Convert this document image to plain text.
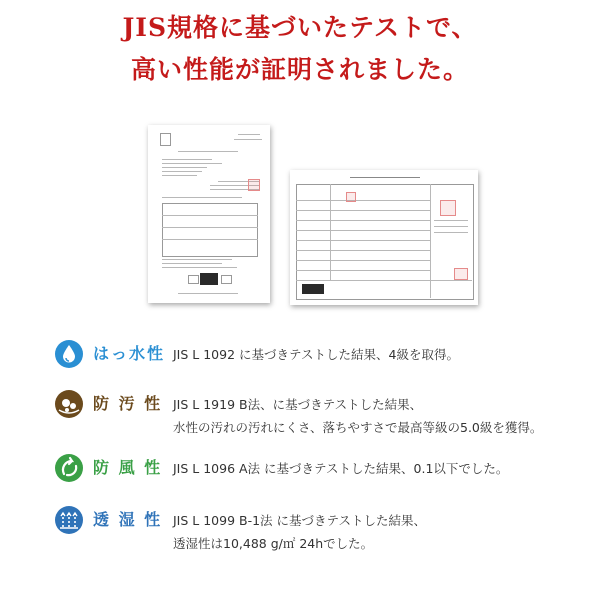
JIS規格に基づいたテストで、
高い性能が証明されました。
はっ水性 JIS L 1092 に基づきテストした結果、4級を取得。
防 汚 性 JIS L 1919 B法、に基づきテストした結果、
水性の汚れの汚れにくさ、落ちやすさで最高等級の5.0級を獲得。
防 風 性 JIS L 1096 A法 に基づきテストした結果、0.1以下でした。
透 湿 性 JIS L 1099 B-1法 に基づきテストした結果、
透湿性は10,488 g/㎡ 24hでした。
